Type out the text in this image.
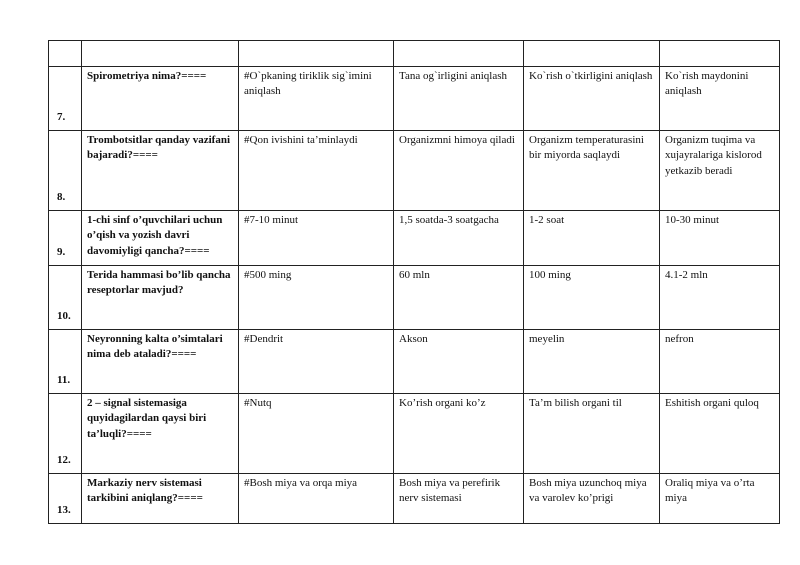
7.	Spirometriya nima?====	#O`pkaning tiriklik sig`imini aniqlash	Tana og`irligini aniqlash	Ko`rish o`tkirligini aniqlash	Ko`rish maydonini aniqlash
8.	Trombotsitlar qanday vazifani bajaradi?====	#Qon ivishini ta’minlaydi	Organizmni himoya qiladi	Organizm temperaturasini bir miyorda saqlaydi	Organizm tuqima va xujayralariga kislorod yetkazib beradi
9.	1-chi sinf o’quvchilari uchun o’qish va yozish davri davomiyligi qancha?====	#7-10 minut	1,5 soatda-3 soatgacha	1-2 soat	10-30 minut
10.	Terida hammasi bo’lib qancha reseptorlar mavjud?	#500 ming	60 mln	100 ming	4.1-2 mln
11.	Neyronning kalta o’simtalari nima deb ataladi?====	#Dendrit	Akson	meyelin	nefron
12.	2 – signal sistemasiga quyidagilardan qaysi biri ta’luqli?====	#Nutq	Ko’rish organi ko’z	Ta’m bilish organi til	Eshitish organi quloq
13.	Markaziy nerv sistemasi tarkibini aniqlang?====	#Bosh miya va orqa miya	Bosh miya va perefirik nerv sistemasi	Bosh miya uzunchoq miya va varolev ko’prigi	Oraliq miya va o’rta miya
